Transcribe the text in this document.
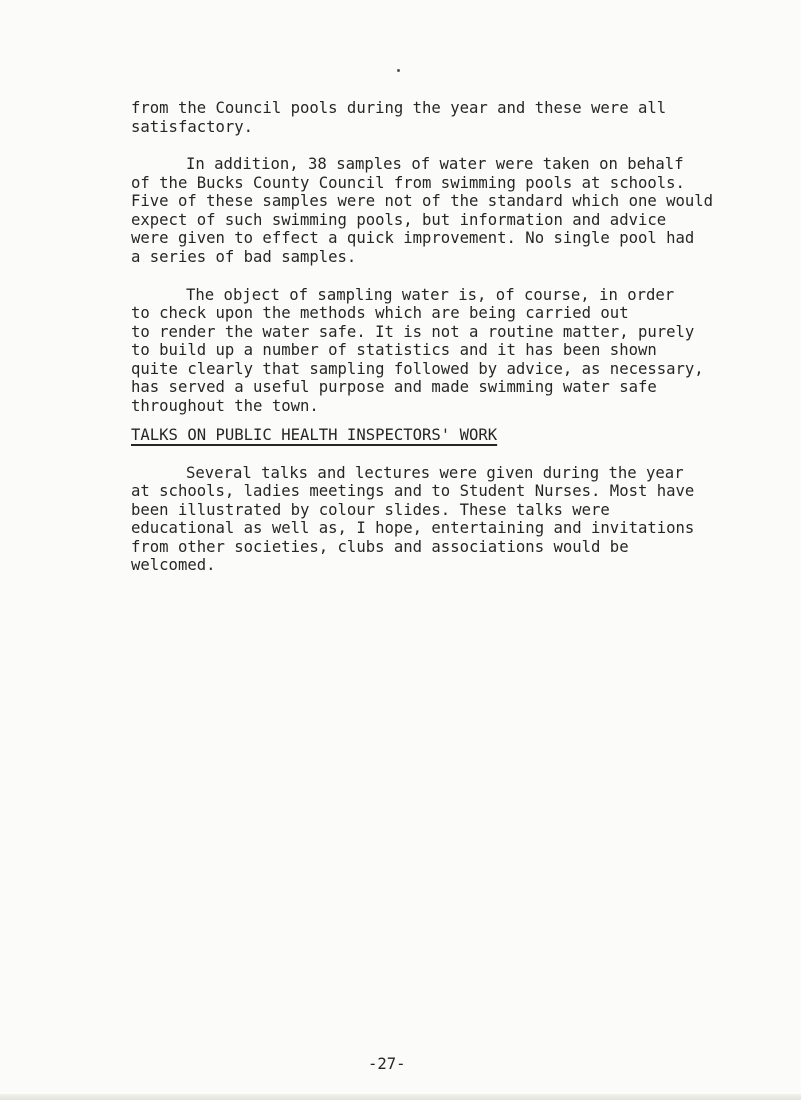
from the Council pools during the year and these were all

satisfactory.

In addition, 38 samples of water were taken on behalf

of the Bucks County Council from swimming pools at schools.

Five of these samples were not of the standard which one would

expect of such swimming pools, but information and advice

were given to effect a quick improvement. No single pool had

a series of bad samples.

The object of sampling water is, of course, in order

to check upon the methods which are being carried out

to render the water safe. It is not a routine matter, purely

to build up a number of statistics and it has been shown

quite clearly that sampling followed by advice, as necessary,

has served a useful purpose and made swimming water safe

throughout the town.

TALKS ON PUBLIC HEALTH INSPECTORS' WORK

Several talks and lectures were given during the year

at schools, ladies meetings and to Student Nurses. Most have

been illustrated by colour slides. These talks were

educational as well as, I hope, entertaining and invitations

from other societies, clubs and associations would be

welcomed.

-27-
